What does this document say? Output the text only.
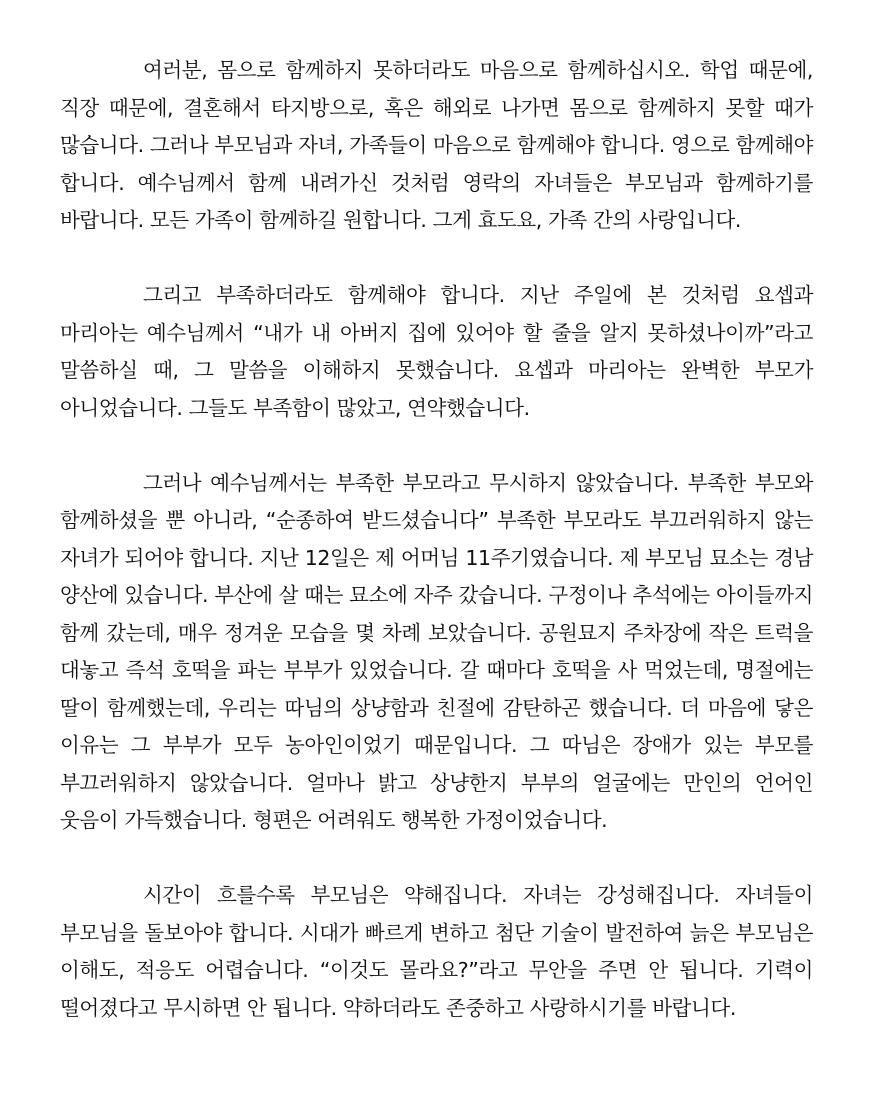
여러분, 몸으로 함께하지 못하더라도 마음으로 함께하십시오. 학업 때문에, 직장 때문에, 결혼해서 타지방으로, 혹은 해외로 나가면 몸으로 함께하지 못할 때가 많습니다. 그러나 부모님과 자녀, 가족들이 마음으로 함께해야 합니다. 영으로 함께해야 합니다. 예수님께서 함께 내려가신 것처럼 영락의 자녀들은 부모님과 함께하기를 바랍니다. 모든 가족이 함께하길 원합니다. 그게 효도요, 가족 간의 사랑입니다.

그리고 부족하더라도 함께해야 합니다. 지난 주일에 본 것처럼 요셉과 마리아는 예수님께서 “내가 내 아버지 집에 있어야 할 줄을 알지 못하셨나이까”라고 말씀하실 때, 그 말씀을 이해하지 못했습니다. 요셉과 마리아는 완벽한 부모가 아니었습니다. 그들도 부족함이 많았고, 연약했습니다.

그러나 예수님께서는 부족한 부모라고 무시하지 않았습니다. 부족한 부모와 함께하셨을 뿐 아니라, “순종하여 받드셨습니다” 부족한 부모라도 부끄러워하지 않는 자녀가 되어야 합니다. 지난 12일은 제 어머님 11주기였습니다. 제 부모님 묘소는 경남 양산에 있습니다. 부산에 살 때는 묘소에 자주 갔습니다. 구정이나 추석에는 아이들까지 함께 갔는데, 매우 정겨운 모습을 몇 차례 보았습니다. 공원묘지 주차장에 작은 트럭을 대놓고 즉석 호떡을 파는 부부가 있었습니다. 갈 때마다 호떡을 사 먹었는데, 명절에는 딸이 함께했는데, 우리는 따님의 상냥함과 친절에 감탄하곤 했습니다. 더 마음에 닿은 이유는 그 부부가 모두 농아인이었기 때문입니다. 그 따님은 장애가 있는 부모를 부끄러워하지 않았습니다. 얼마나 밝고 상냥한지 부부의 얼굴에는 만인의 언어인 웃음이 가득했습니다. 형편은 어려워도 행복한 가정이었습니다.

시간이 흐를수록 부모님은 약해집니다. 자녀는 강성해집니다. 자녀들이 부모님을 돌보아야 합니다. 시대가 빠르게 변하고 첨단 기술이 발전하여 늙은 부모님은 이해도, 적응도 어렵습니다. “이것도 몰라요?”라고 무안을 주면 안 됩니다. 기력이 떨어졌다고 무시하면 안 됩니다. 약하더라도 존중하고 사랑하시기를 바랍니다.
